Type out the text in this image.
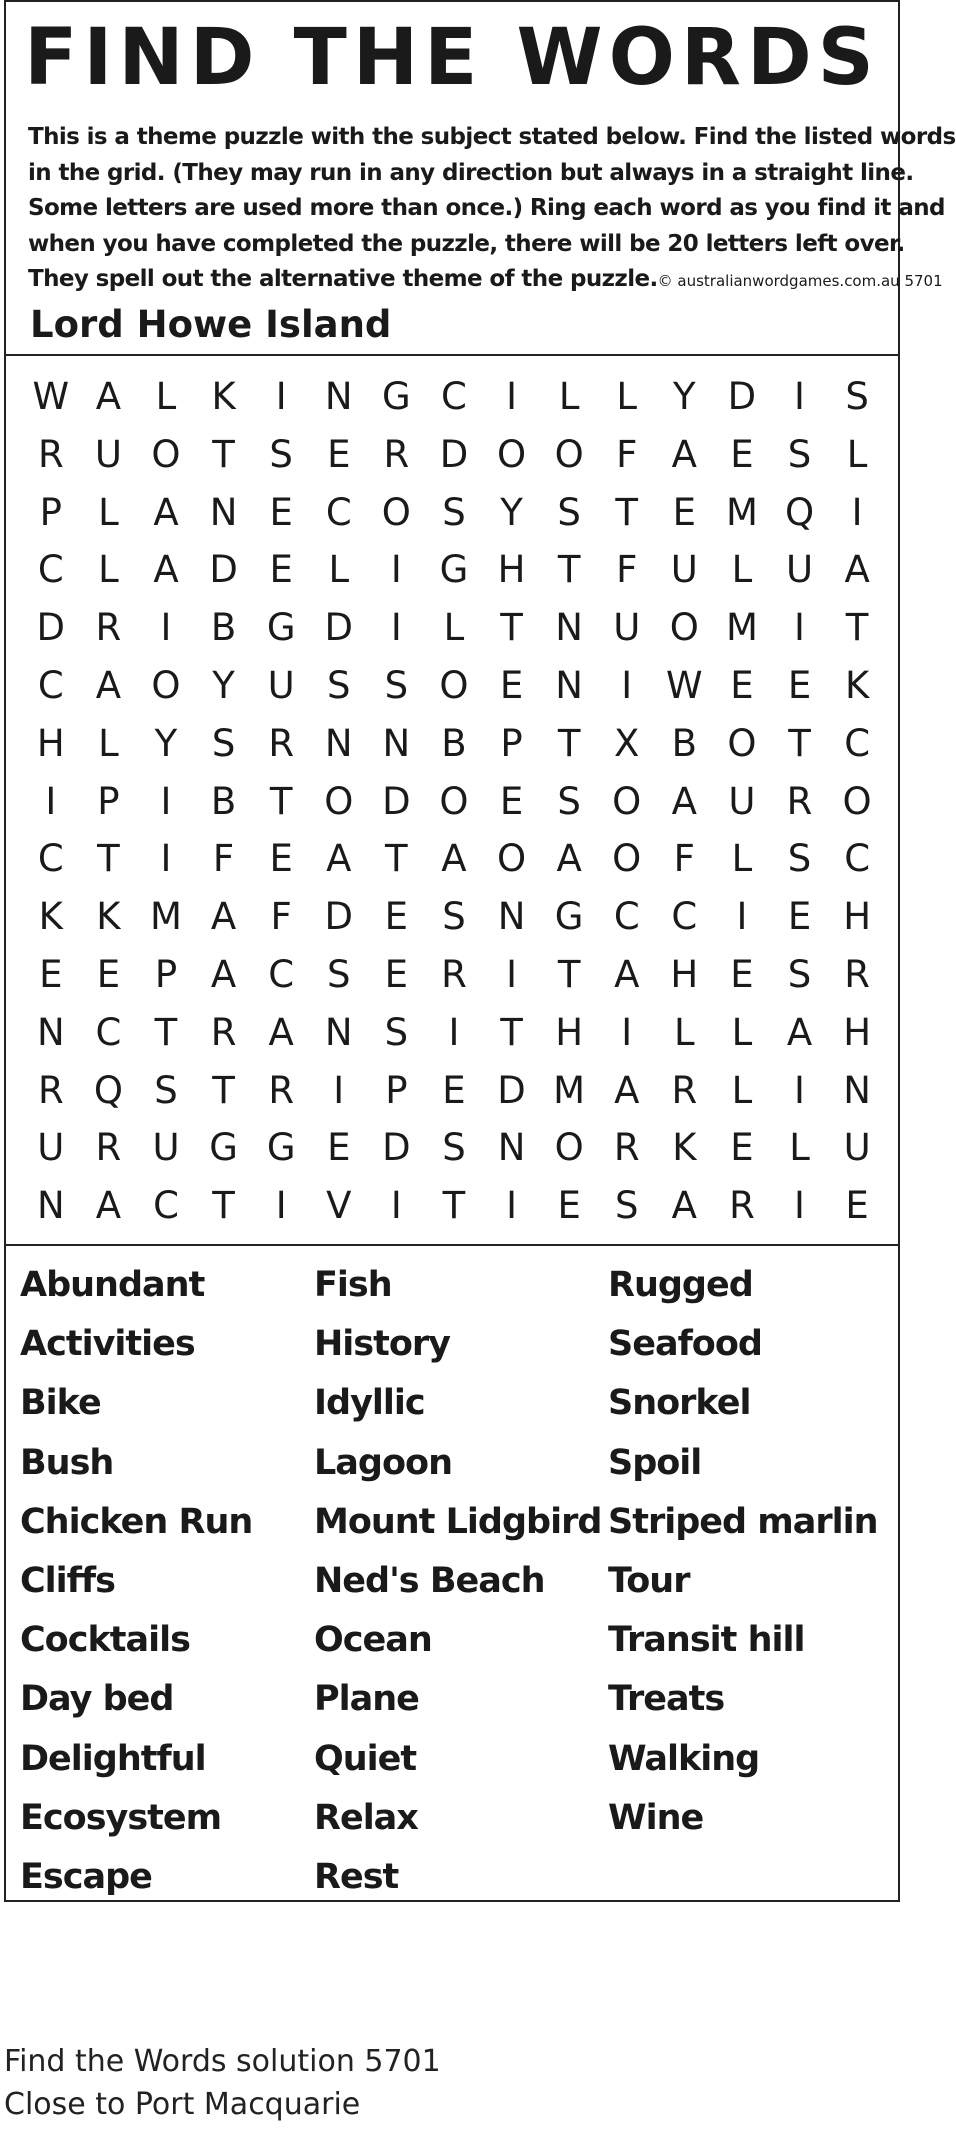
FIND THE WORDS
This is a theme puzzle with the subject stated below. Find the listed words
in the grid. (They may run in any direction but always in a straight line.
Some letters are used more than once.) Ring each word as you find it and
when you have completed the puzzle, there will be 20 letters left over.
They spell out the alternative theme of the puzzle. © australianwordgames.com.au 5701
Lord Howe Island
W A L K	I	N G C	I	L L Y D	I	S
R U O T S E R D O O F A E S L
P L A N E C O S Y S T E M Q	I
C L A D E L	I	G H T F U L U A
D R	I	B G D	I	L T N U O M I	T
C A O Y U S S O E N	I W E E K
H L Y S R N N B P T X B O T C
I	P	I	B T O D O E S O A U R O
C T	I	F E A T A O A O F L S C
K K M A F D E S N G C C	I	E H
E E P A C S E R	I	T A H E S R
N C T R A N S	I	T H	I	L L A H
R Q S T R	I	P E D M A R L	I	N
U R U G G E D S N O R K E L U
N A C T	I	V	I	T	I	E S A R	I	E
Abundant
Activities
Bike
Bush
Chicken Run
Cliffs
Cocktails
Day bed
Delightful
Ecosystem
Escape
Fish
History
Idyllic
Lagoon
Mount Lidgbird
Ned's Beach
Ocean
Plane
Quiet
Relax
Rest
Rugged
Seafood
Snorkel
Spoil
Striped marlin
Tour
Transit hill
Treats
Walking
Wine
Find the Words solution 5701
Close to Port Macquarie
